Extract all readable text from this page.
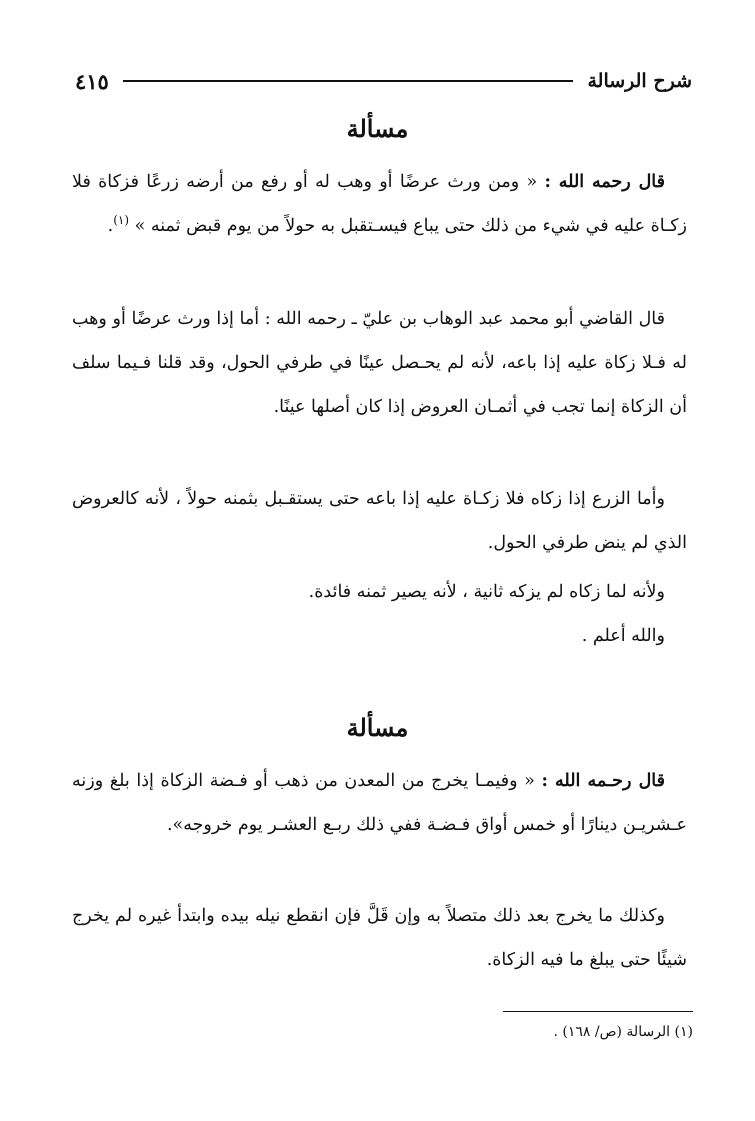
شرح الرسالة
٤١٥
مسألة

قال رحمه الله : « ومن ورث عرضًا أو وهب له أو رفع من أرضه زرعًا فزكاة فلا زكـاة عليه في شيء من ذلك حتى يباع فيسـتقبل به حولاً من يوم قبض ثمنه » $^{(١)}$.

قال القاضي أبو محمد عبد الوهاب بن عليّ ـ رحمه الله : أما إذا ورث عرضًا أو وهب له فـلا زكاة عليه إذا باعه، لأنه لم يحـصل عينًا في طرفي الحول، وقد قلنا فـيما سلف أن الزكاة إنما تجب في أثمـان العروض إذا كان أصلها عينًا.

وأما الزرع إذا زكاه فلا زكـاة عليه إذا باعه حتى يستقـبل بثمنه حولاً ، لأنه كالعروض الذي لم ينض طرفي الحول.

ولأنه لما زكاه لم يزكه ثانية ، لأنه يصير ثمنه فائدة.

والله أعلم .

مسألة

قال رحـمه الله : « وفيمـا يخرج من المعدن من ذهب أو فـضة الزكاة إذا بلغ وزنه عـشريـن دينارًا أو خمس أواق فـضـة ففي ذلك ربـع العشـر يوم خروجه».

وكذلك ما يخرج بعد ذلك متصلاً به وإن قَلَّ فإن انقطع نيله بيده وابتدأ غيره لم يخرج شيئًا حتى يبلغ ما فيه الزكاة.

(١) الرسالة (ص/ ١٦٨) .
